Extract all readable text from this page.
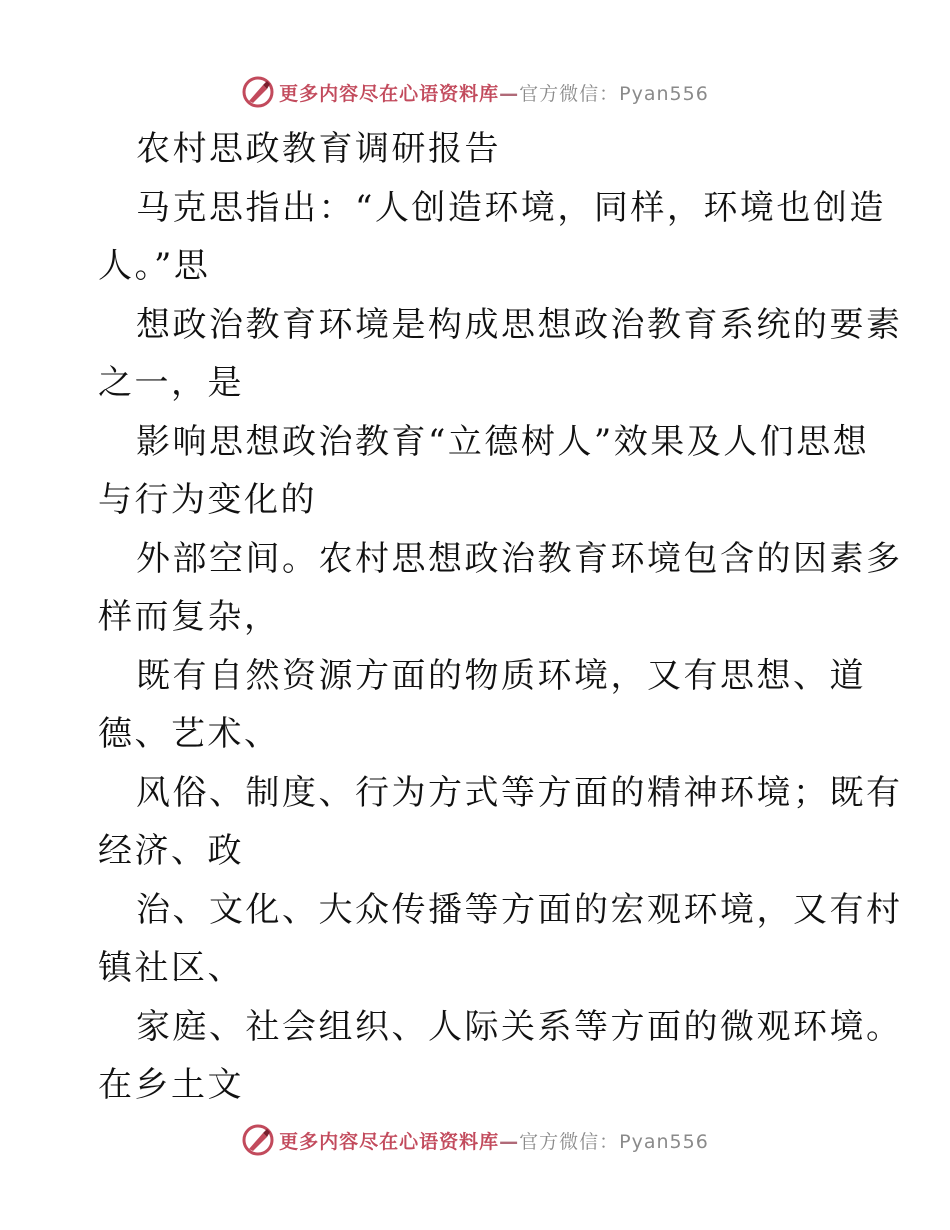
更多内容尽在心语资料库—官方微信：Pyan556
农村思政教育调研报告
马克思指出：“人创造环境，同样，环境也创造
人。”思
想政治教育环境是构成思想政治教育系统的要素
之一，是
影响思想政治教育“立德树人”效果及人们思想
与行为变化的
外部空间。农村思想政治教育环境包含的因素多
样而复杂，
既有自然资源方面的物质环境，又有思想、道
德、艺术、
风俗、制度、行为方式等方面的精神环境；既有
经济、政
治、文化、大众传播等方面的宏观环境，又有村
镇社区、
家庭、社会组织、人际关系等方面的微观环境。
在乡土文
更多内容尽在心语资料库—官方微信：Pyan556
